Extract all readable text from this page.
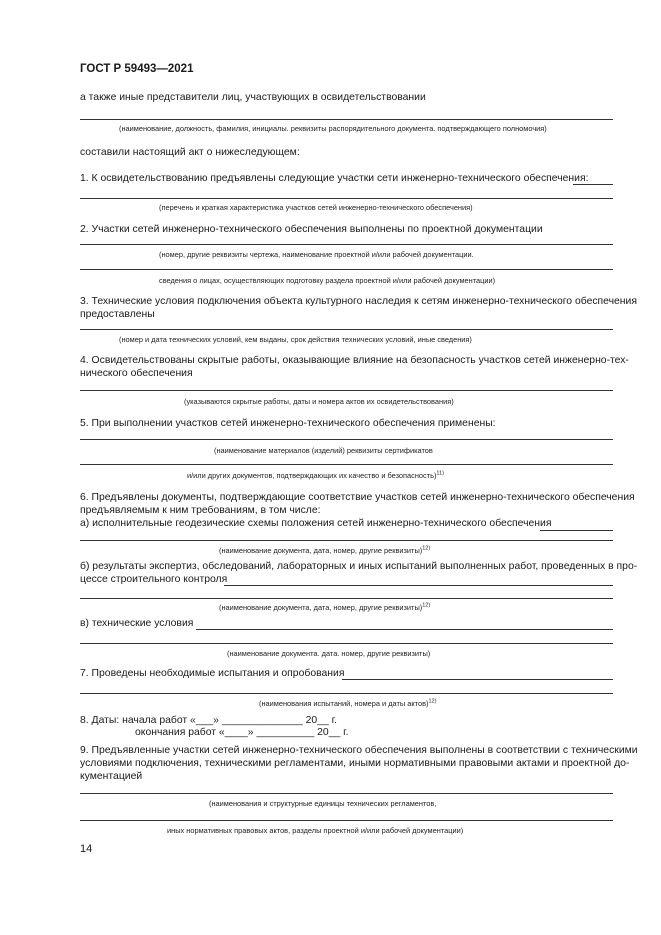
ГОСТ Р 59493—2021
а также иные представители лиц, участвующих в освидетельствовании
(наименование, должность, фамилия, инициалы. реквизиты распорядительного документа. подтверждающего полномочия)
составили настоящий акт о нижеследующем:
1. К освидетельствованию предъявлены следующие участки сети инженерно-технического обеспечения:
(перечень и краткая характеристика участков сетей инженерно-технического обеспечения)
2. Участки сетей инженерно-технического обеспечения выполнены по проектной документации
(номер, другие реквизиты чертежа, наименование проектной и/или рабочей документации.
сведения о лицах, осуществляющих подготовку раздела проектной и/или рабочей документации)
3. Технические условия подключения объекта культурного наследия к сетям инженерно-технического обеспечения
предоставлены
(номер и дата технических условий, кем выданы, срок действия технических условий, иные сведения)
4. Освидетельствованы скрытые работы, оказывающие влияние на безопасность участков сетей инженерно-тех-
нического обеспечения
(указываются скрытые работы, даты и номера актов их освидетельствования)
5. При выполнении участков сетей инженерно-технического обеспечения применены:
(наименование материалов (изделий) реквизиты сертификатов
и/или других документов, подтверждающих их качество и безопасность)$^{11)}$
6. Предъявлены документы, подтверждающие соответствие участков сетей инженерно-технического обеспечения
предъявляемым к ним требованиям, в том числе:
а) исполнительные геодезические схемы положения сетей инженерно-технического обеспечения
(наименование документа, дата, номер, другие реквизиты)$^{12)}$
б) результаты экспертиз, обследований, лабораторных и иных испытаний выполненных работ, проведенных в про-
цессе строительного контроля
(наименование документа, дата, номер, другие реквизиты)$^{12)}$
в) технические условия
(наименование документа. дата. номер, другие реквизиты)
7. Проведены необходимые испытания и опробования
(наименования испытаний, номера и даты актов)$^{12)}$
8. Даты: начала работ «___» ______________ 20__ г.
окончания работ «____» __________ 20__ г.
9. Предъявленные участки сетей инженерно-технического обеспечения выполнены в соответствии с техническими
условиями подключения, техническими регламентами, иными нормативными правовыми актами и проектной до-
кументацией
(наименования и структурные единицы технических регламентов,
иных нормативных правовых актов, разделы проектной и/или рабочей документации)
14
